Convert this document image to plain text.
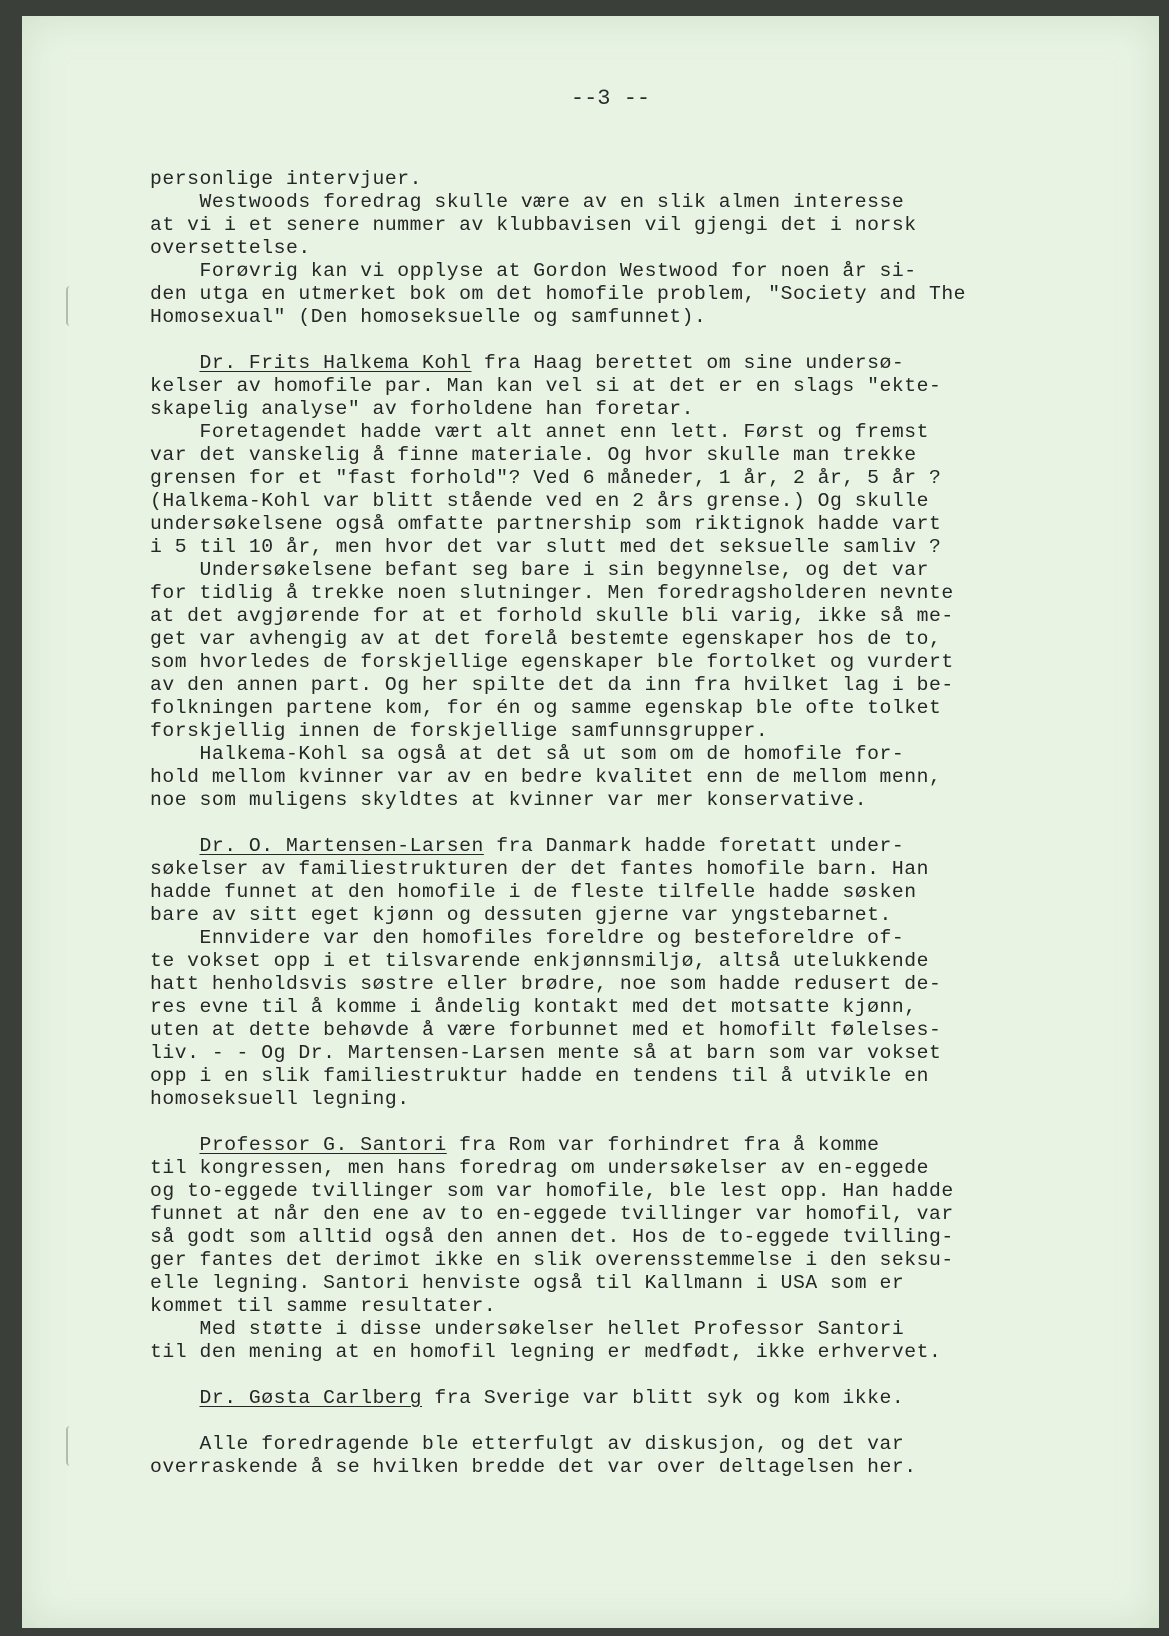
--3 --
personlige intervjuer.
Westwoods foredrag skulle være av en slik almen interesse
at vi i et senere nummer av klubbavisen vil gjengi det i norsk
oversettelse.
Forøvrig kan vi opplyse at Gordon Westwood for noen år si-
den utga en utmerket bok om det homofile problem, "Society and The
Homosexual" (Den homoseksuelle og samfunnet).
Dr. Frits Halkema Kohl fra Haag berettet om sine undersø-
kelser av homofile par. Man kan vel si at det er en slags "ekte-
skapelig analyse" av forholdene han foretar.
Foretagendet hadde vært alt annet enn lett. Først og fremst
var det vanskelig å finne materiale. Og hvor skulle man trekke
grensen for et "fast forhold"? Ved 6 måneder, 1 år, 2 år, 5 år ?
(Halkema-Kohl var blitt stående ved en 2 års grense.) Og skulle
undersøkelsene også omfatte partnership som riktignok hadde vart
i 5 til 10 år, men hvor det var slutt med det seksuelle samliv ?
Undersøkelsene befant seg bare i sin begynnelse, og det var
for tidlig å trekke noen slutninger. Men foredragsholderen nevnte
at det avgjørende for at et forhold skulle bli varig, ikke så me-
get var avhengig av at det forelå bestemte egenskaper hos de to,
som hvorledes de forskjellige egenskaper ble fortolket og vurdert
av den annen part. Og her spilte det da inn fra hvilket lag i be-
folkningen partene kom, for én og samme egenskap ble ofte tolket
forskjellig innen de forskjellige samfunnsgrupper.
Halkema-Kohl sa også at det så ut som om de homofile for-
hold mellom kvinner var av en bedre kvalitet enn de mellom menn,
noe som muligens skyldtes at kvinner var mer konservative.
Dr. O. Martensen-Larsen fra Danmark hadde foretatt under-
søkelser av familiestrukturen der det fantes homofile barn. Han
hadde funnet at den homofile i de fleste tilfelle hadde søsken
bare av sitt eget kjønn og dessuten gjerne var yngstebarnet.
Ennvidere var den homofiles foreldre og besteforeldre of-
te vokset opp i et tilsvarende enkjønnsmiljø, altså utelukkende
hatt henholdsvis søstre eller brødre, noe som hadde redusert de-
res evne til å komme i åndelig kontakt med det motsatte kjønn,
uten at dette behøvde å være forbunnet med et homofilt følelses-
liv. - - Og Dr. Martensen-Larsen mente så at barn som var vokset
opp i en slik familiestruktur hadde en tendens til å utvikle en
homoseksuell legning.
Professor G. Santori fra Rom var forhindret fra å komme
til kongressen, men hans foredrag om undersøkelser av en-eggede
og to-eggede tvillinger som var homofile, ble lest opp. Han hadde
funnet at når den ene av to en-eggede tvillinger var homofil, var
så godt som alltid også den annen det. Hos de to-eggede tvilling-
ger fantes det derimot ikke en slik overensstemmelse i den seksu-
elle legning. Santori henviste også til Kallmann i USA som er
kommet til samme resultater.
Med støtte i disse undersøkelser hellet Professor Santori
til den mening at en homofil legning er medfødt, ikke erhvervet.
Dr. Gøsta Carlberg fra Sverige var blitt syk og kom ikke.
Alle foredragende ble etterfulgt av diskusjon, og det var
overraskende å se hvilken bredde det var over deltagelsen her.
